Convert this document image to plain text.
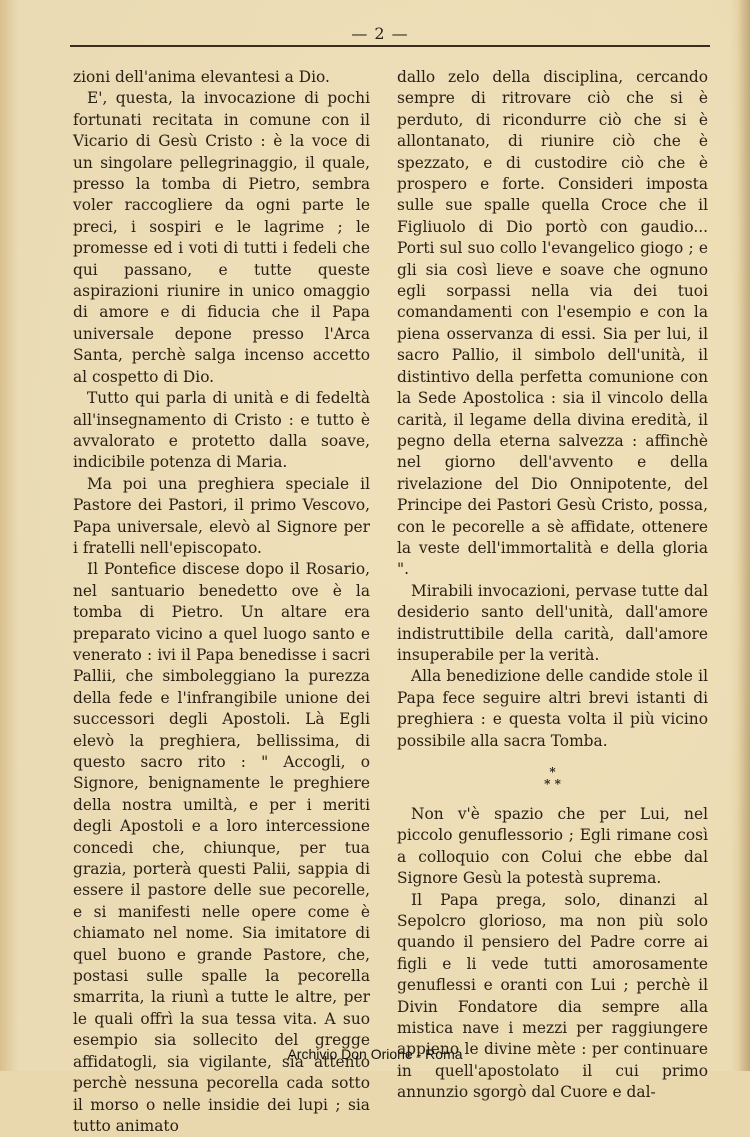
— 2 —

zioni dell'anima elevantesi a Dio.

E', questa, la invocazione di pochi fortunati recitata in comune con il Vicario di Gesù Cristo : è la voce di un singolare pellegrinaggio, il quale, presso la tomba di Pietro, sembra voler raccogliere da ogni parte le preci, i sospiri e le lagrime ; le promesse ed i voti di tutti i fedeli che qui passano, e tutte queste aspirazioni riunire in unico omaggio di amore e di fiducia che il Papa universale depone presso l'Arca Santa, perchè salga incenso accetto al cospetto di Dio.

Tutto qui parla di unità e di fedeltà all'insegnamento di Cristo : e tutto è avvalorato e protetto dalla soave, indicibile potenza di Maria.

Ma poi una preghiera speciale il Pastore dei Pastori, il primo Vescovo, Papa universale, elevò al Signore per i fratelli nell'episcopato.

Il Pontefice discese dopo il Rosario, nel santuario benedetto ove è la tomba di Pietro. Un altare era preparato vicino a quel luogo santo e venerato : ivi il Papa benedisse i sacri Pallii, che simboleggiano la purezza della fede e l'infrangibile unione dei successori degli Apostoli. Là Egli elevò la preghiera, bellissima, di questo sacro rito : " Accogli, o Signore, benignamente le preghiere della nostra umiltà, e per i meriti degli Apostoli e a loro intercessione concedi che, chiunque, per tua grazia, porterà questi Palii, sappia di essere il pastore delle sue pecorelle, e si manifesti nelle opere come è chiamato nel nome. Sia imitatore di quel buono e grande Pastore, che, postasi sulle spalle la pecorella smarrita, la riunì a tutte le altre, per le quali offrì la sua tessa vita. A suo esempio sia sollecito del gregge affidatogli, sia vigilante, sia attento perchè nessuna pecorella cada sotto il morso o nelle insidie dei lupi ; sia tutto animato

dallo zelo della disciplina, cercando sempre di ritrovare ciò che si è perduto, di ricondurre ciò che si è allontanato, di riunire ciò che è spezzato, e di custodire ciò che è prospero e forte. Consideri imposta sulle sue spalle quella Croce che il Figliuolo di Dio portò con gaudio... Porti sul suo collo l'evangelico giogo ; e gli sia così lieve e soave che ognuno egli sorpassi nella via dei tuoi comandamenti con l'esempio e con la piena osservanza di essi. Sia per lui, il sacro Pallio, il simbolo dell'unità, il distintivo della perfetta comunione con la Sede Apostolica : sia il vincolo della carità, il legame della divina eredità, il pegno della eterna salvezza : affinchè nel giorno dell'avvento e della rivelazione del Dio Onnipotente, del Principe dei Pastori Gesù Cristo, possa, con le pecorelle a sè affidate, ottenere la veste dell'immortalità e della gloria ".

Mirabili invocazioni, pervase tutte dal desiderio santo dell'unità, dall'amore indistruttibile della carità, dall'amore insuperabile per la verità.

Alla benedizione delle candide stole il Papa fece seguire altri brevi istanti di preghiera : e questa volta il più vicino possibile alla sacra Tomba.

*
* *

Non v'è spazio che per Lui, nel piccolo genuflessorio ; Egli rimane così a colloquio con Colui che ebbe dal Signore Gesù la potestà suprema.

Il Papa prega, solo, dinanzi al Sepolcro glorioso, ma non più solo quando il pensiero del Padre corre ai figli e li vede tutti amorosamente genuflessi e oranti con Lui ; perchè il Divin Fondatore dia sempre alla mistica nave i mezzi per raggiungere appieno le divine mète : per continuare in quell'apostolato il cui primo annunzio sgorgò dal Cuore e dal-

Archivio Don Orione - Roma
